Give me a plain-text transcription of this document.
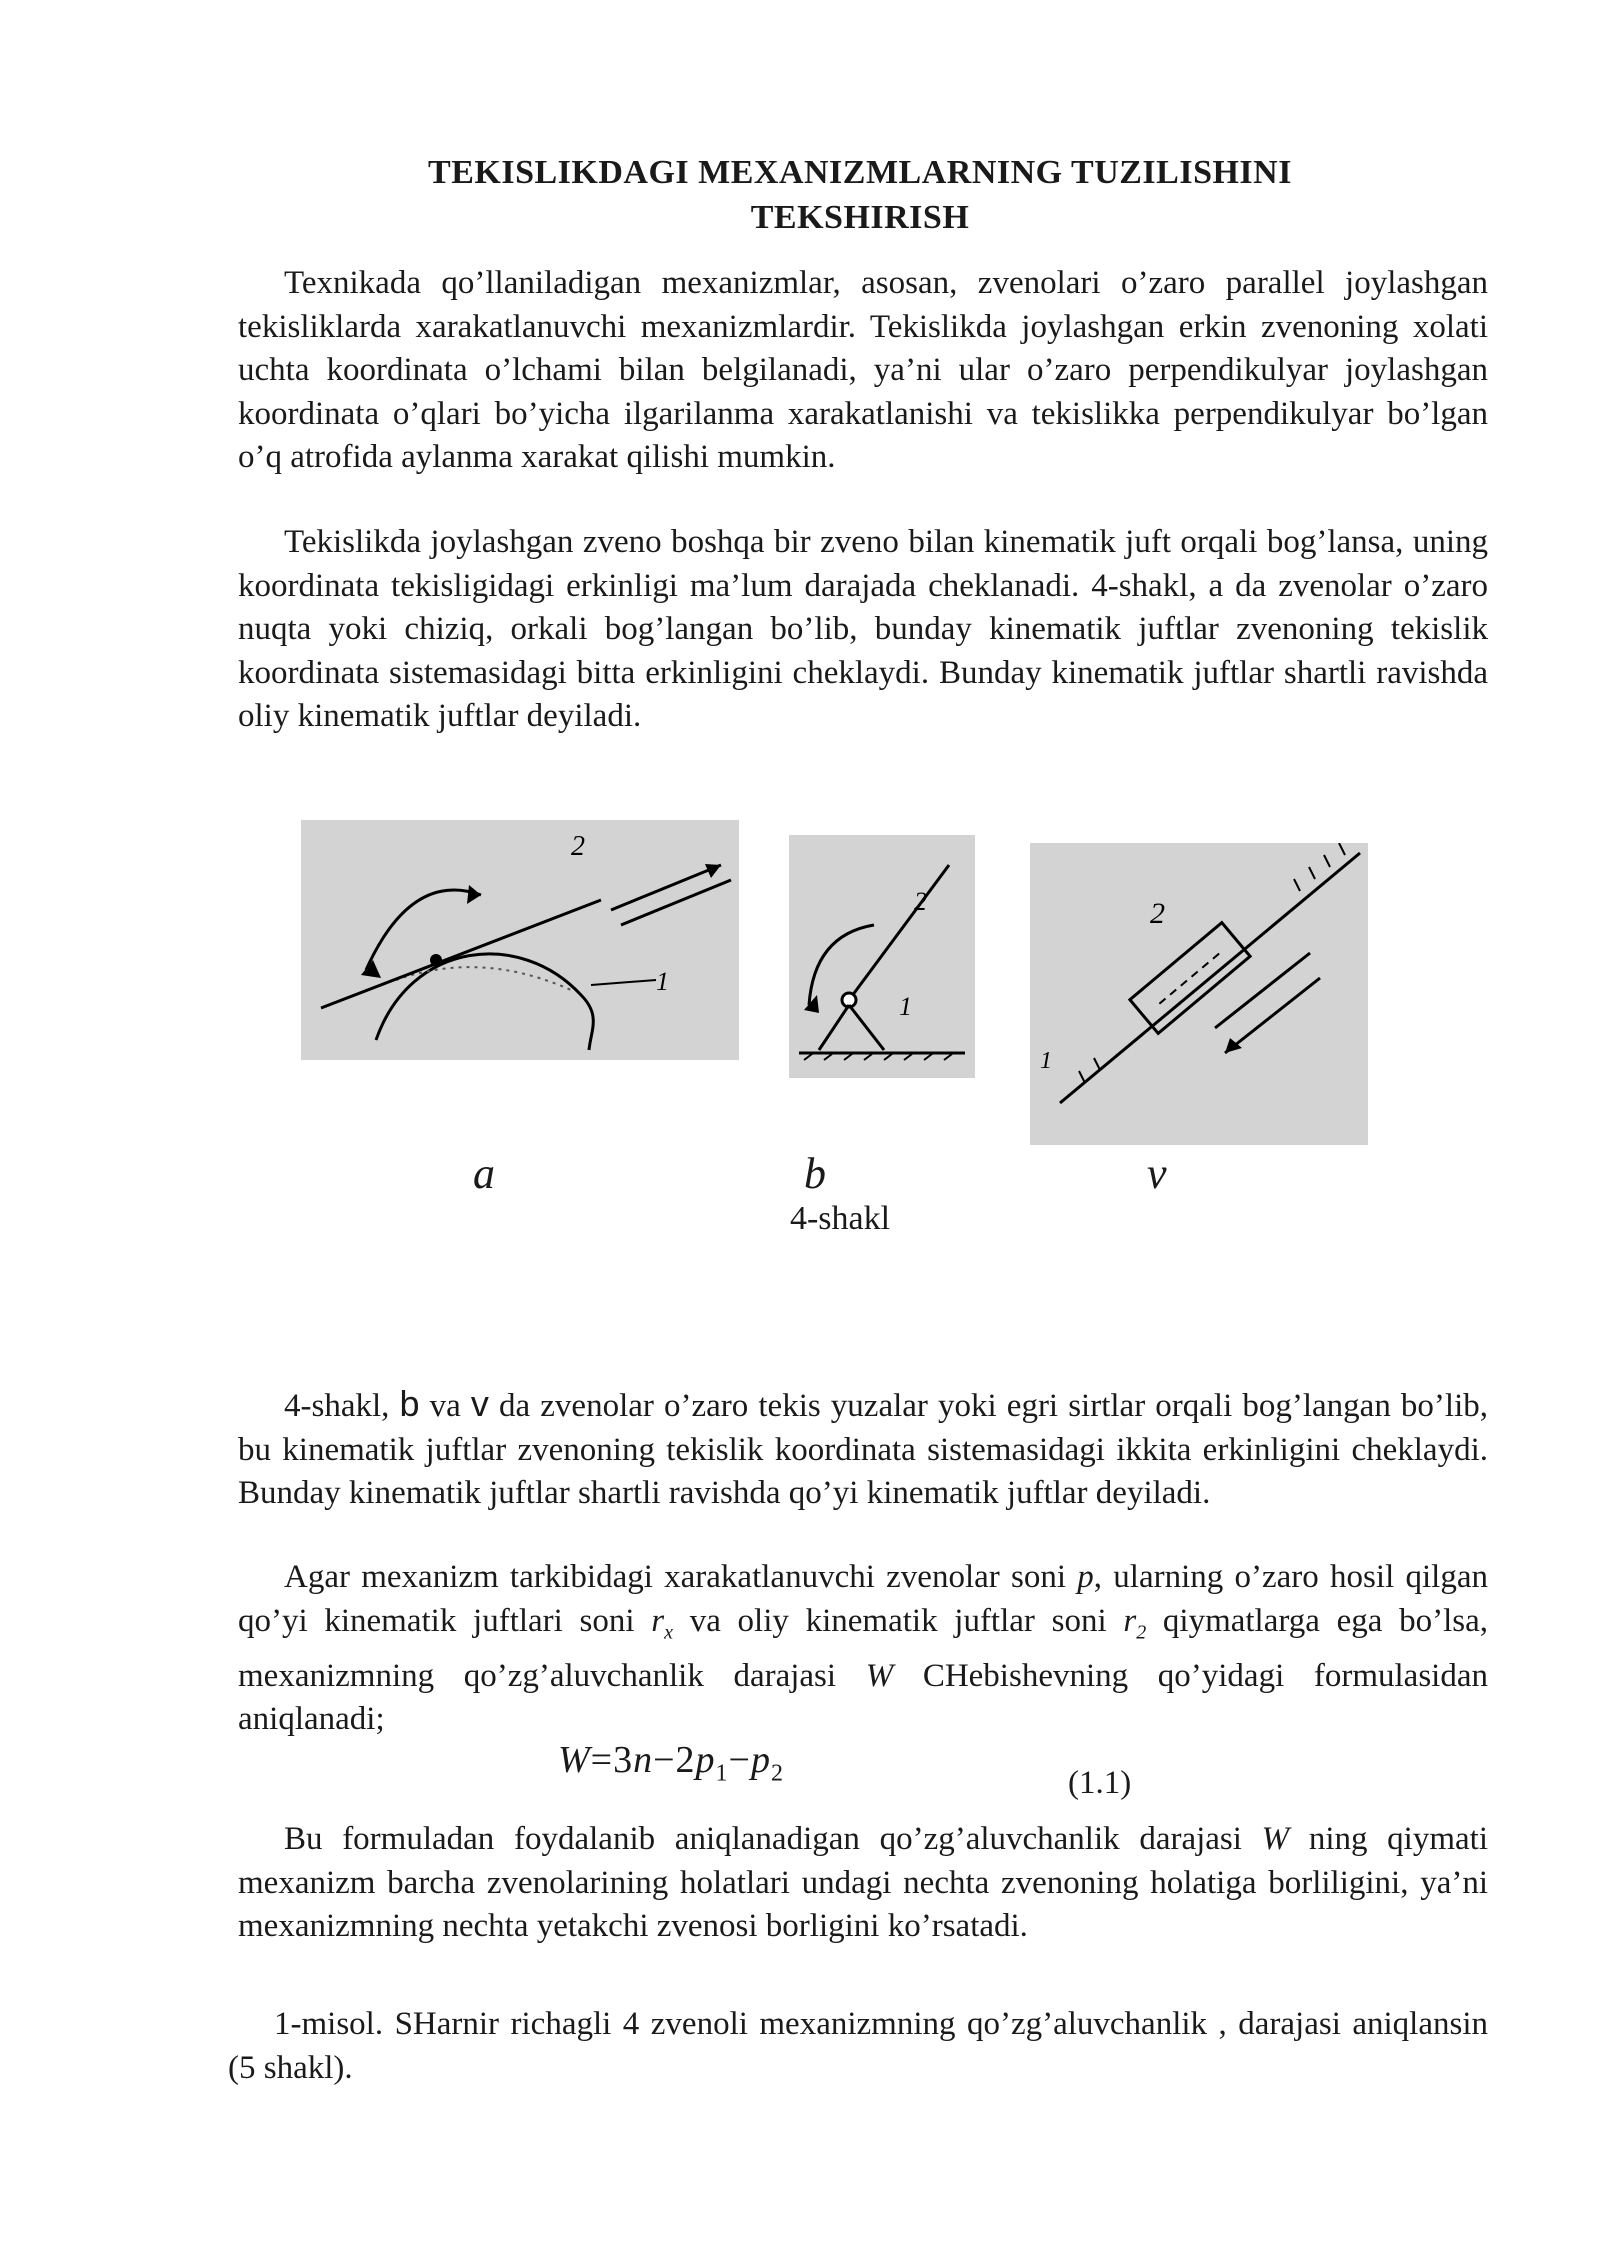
TEKISLIKDAGI MEXANIZMLARNING TUZILISHINI
TEKSHIRISH

Texnikada qo’llaniladigan mexanizmlar, asosan, zvenolari o’zaro parallel joylashgan tekisliklarda xarakatlanuvchi mexanizmlardir. Tekislikda joylashgan erkin zvenoning xolati uchta koordinata o’lchami bilan belgilanadi, ya’ni ular o’zaro perpendikulyar joylashgan koordinata o’qlari bo’yicha ilgarilanma xarakatlanishi va tekislikka perpendikulyar bo’lgan o’q atrofida aylanma xarakat qilishi mumkin.

Tekislikda joylashgan zveno boshqa bir zveno bilan kinematik juft orqali bog’lansa, uning koordinata tekisligidagi erkinligi ma’lum darajada cheklanadi. 4-shakl, a da zvenolar o’zaro nuqta yoki chiziq, orkali bog’langan bo’lib, bunday kinematik juftlar zvenoning tekislik koordinata sistemasidagi bitta erkinligini cheklaydi. Bunday kinematik juftlar shartli ravishda oliy kinematik juftlar deyiladi.

2
1
2
1
2
1
a	b	v
4-shakl

4-shakl, b va v da zvenolar o’zaro tekis yuzalar yoki egri sirtlar orqali bog’langan bo’lib, bu kinematik juftlar zvenoning tekislik koordinata sistemasidagi ikkita erkinligini cheklaydi. Bunday kinematik juftlar shartli ravishda qo’yi kinematik juftlar deyiladi.

Agar mexanizm tarkibidagi xarakatlanuvchi zvenolar soni p, ularning o’zaro hosil qilgan qo’yi kinematik juftlari soni $r_x$ va oliy kinematik juftlar soni $r_2$ qiymatlarga ega bo’lsa, mexanizmning qo’zg’aluvchanlik darajasi W CHebishevning qo’yidagi formulasidan aniqlanadi;

$W=3n-2p_1-p_2$	(1.1)

Bu formuladan foydalanib aniqlanadigan qo’zg’aluvchanlik darajasi W ning qiymati mexanizm barcha zvenolarining holatlari undagi nechta zvenoning holatiga borliligini, ya’ni mexanizmning nechta yetakchi zvenosi borligini ko’rsatadi.

1-misol. SHarnir richagli 4 zvenoli mexanizmning qo’zg’aluvchanlik , darajasi aniqlansin (5 shakl).
